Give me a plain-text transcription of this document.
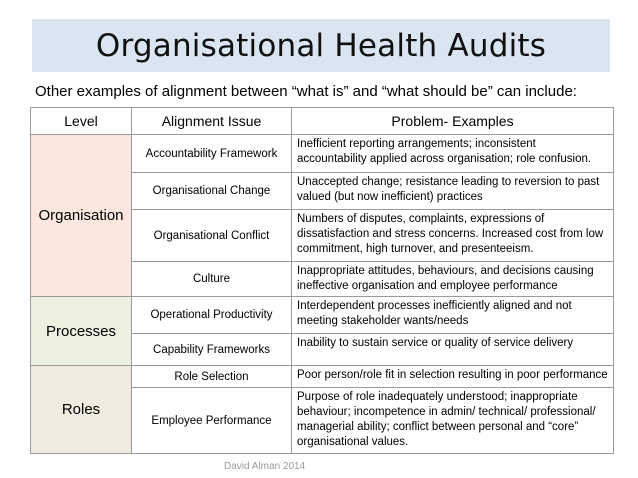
Organisational Health Audits
Other examples of alignment between “what is” and “what should be” can include:
Level	Alignment Issue	Problem- Examples
Organisation	Accountability Framework	Inefficient reporting arrangements; inconsistent accountability applied across organisation; role confusion.
	Organisational Change	Unaccepted change; resistance leading to reversion to past valued (but now inefficient) practices
	Organisational Conflict	Numbers of disputes, complaints, expressions of dissatisfaction and stress concerns. Increased cost from low commitment, high turnover, and presenteeism.
	Culture	Inappropriate attitudes, behaviours, and decisions causing ineffective organisation and employee performance
Processes	Operational Productivity	Interdependent processes inefficiently aligned and not meeting stakeholder wants/needs
	Capability Frameworks	Inability to sustain service or quality of service delivery
Roles	Role Selection	Poor person/role fit in selection resulting in poor performance
	Employee Performance	Purpose of role inadequately understood; inappropriate behaviour; incompetence in admin/ technical/ professional/ managerial ability; conflict between personal and “core” organisational values.
David Alman 2014
